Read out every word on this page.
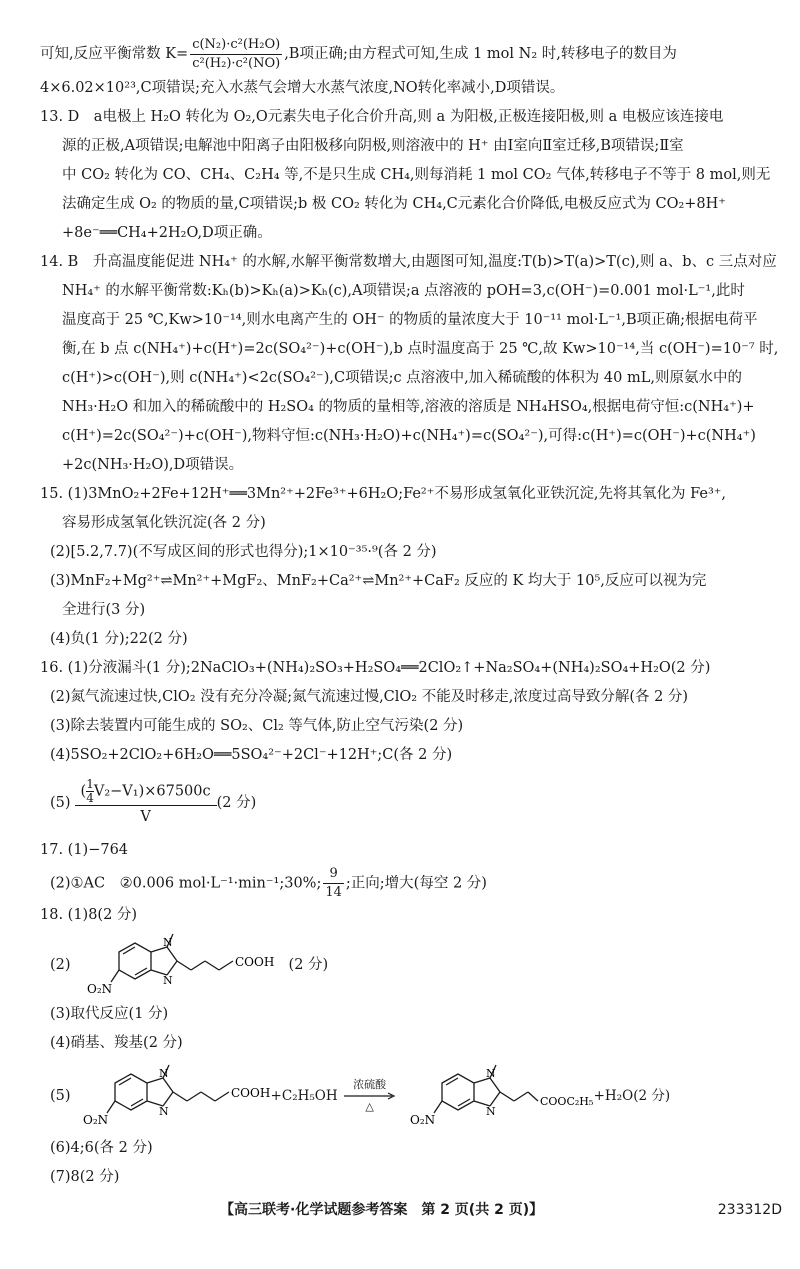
可知,反应平衡常数 $K= \frac{\text{c(N₂)·c²(H₂O)}}{\text{c²(H₂)·c²(NO)}} ,B$项正确;由方程式可知,生成 1 mol N₂ 时,转移电子的数目为
4×6.02×10²³,C项错误;充入水蒸气会增大水蒸气浓度,NO转化率减小,D项错误。
13. D　a电极上 H₂O 转化为 O₂,O元素失电子化合价升高,则 a 为阳极,正极连接阳极,则 a 电极应该连接电
源的正极,A项错误;电解池中阳离子由阳极移向阴极,则溶液中的 H⁺ 由Ⅰ室向Ⅱ室迁移,B项错误;Ⅱ室
中 CO₂ 转化为 CO、CH₄、C₂H₄ 等,不是只生成 CH₄,则每消耗 1 mol CO₂ 气体,转移电子不等于 8 mol,则无
法确定生成 O₂ 的物质的量,C项错误;b 极 CO₂ 转化为 CH₄,C元素化合价降低,电极反应式为 CO₂+8H⁺
+8e⁻══CH₄+2H₂O,D项正确。
14. B　升高温度能促进 NH₄⁺ 的水解,水解平衡常数增大,由题图可知,温度:T(b)>T(a)>T(c),则 a、b、c 三点对应
NH₄⁺ 的水解平衡常数:Kₕ(b)>Kₕ(a)>Kₕ(c),A项错误;a 点溶液的 pOH=3,c(OH⁻)=0.001 mol·L⁻¹,此时
温度高于 25 ℃,Kw>10⁻¹⁴,则水电离产生的 OH⁻ 的物质的量浓度大于 10⁻¹¹ mol·L⁻¹,B项正确;根据电荷平
衡,在 b 点 c(NH₄⁺)+c(H⁺)=2c(SO₄²⁻)+c(OH⁻),b 点时温度高于 25 ℃,故 Kw>10⁻¹⁴,当 c(OH⁻)=10⁻⁷ 时,
c(H⁺)>c(OH⁻),则 c(NH₄⁺)<2c(SO₄²⁻),C项错误;c 点溶液中,加入稀硫酸的体积为 40 mL,则原氨水中的
NH₃·H₂O 和加入的稀硫酸中的 H₂SO₄ 的物质的量相等,溶液的溶质是 NH₄HSO₄,根据电荷守恒:c(NH₄⁺)+
c(H⁺)=2c(SO₄²⁻)+c(OH⁻),物料守恒:c(NH₃·H₂O)+c(NH₄⁺)=c(SO₄²⁻),可得:c(H⁺)=c(OH⁻)+c(NH₄⁺)
+2c(NH₃·H₂O),D项错误。
15. (1)3MnO₂+2Fe+12H⁺══3Mn²⁺+2Fe³⁺+6H₂O;Fe²⁺不易形成氢氧化亚铁沉淀,先将其氧化为 Fe³⁺,
容易形成氢氧化铁沉淀(各 2 分)
(2)[5.2,7.7)(不写成区间的形式也得分);1×10⁻³⁵·⁹(各 2 分)
(3)MnF₂+Mg²⁺⇌Mn²⁺+MgF₂、MnF₂+Ca²⁺⇌Mn²⁺+CaF₂ 反应的 K 均大于 10⁵,反应可以视为完
全进行(3 分)
(4)负(1 分);22(2 分)
16. (1)分液漏斗(1 分);2NaClO₃+(NH₄)₂SO₃+H₂SO₄══2ClO₂↑+Na₂SO₄+(NH₄)₂SO₄+H₂O(2 分)
(2)氮气流速过快,ClO₂ 没有充分冷凝;氮气流速过慢,ClO₂ 不能及时移走,浓度过高导致分解(各 2 分)
(3)除去装置内可能生成的 SO₂、Cl₂ 等气体,防止空气污染(2 分)
(4)5SO₂+2ClO₂+6H₂O══5SO₄²⁻+2Cl⁻+12H⁺;C(各 2 分)
$(5) \frac{( \frac{1}{4} V_2-V_1)\times 67500c}{V} (2$ 分)
17. (1)−764
(2)①AC　②0.006 mol·L⁻¹·min⁻¹;30%; $\frac{9}{14}$ ;正向;增大(每空 2 分)
18. (1)8(2 分)
(2)
N
N
COOH
O₂N
(2 分)
(3)取代反应(1 分)
(4)硝基、羧基(2 分)
(5)
N
N
COOH
O₂N
+C₂H₅OH
浓硫酸
△
N
N
COOC₂H₅
O₂N
+H₂O(2 分)
(6)4;6(各 2 分)
(7)8(2 分)
【高三联考·化学试题参考答案　第 2 页(共 2 页)】	233312D
